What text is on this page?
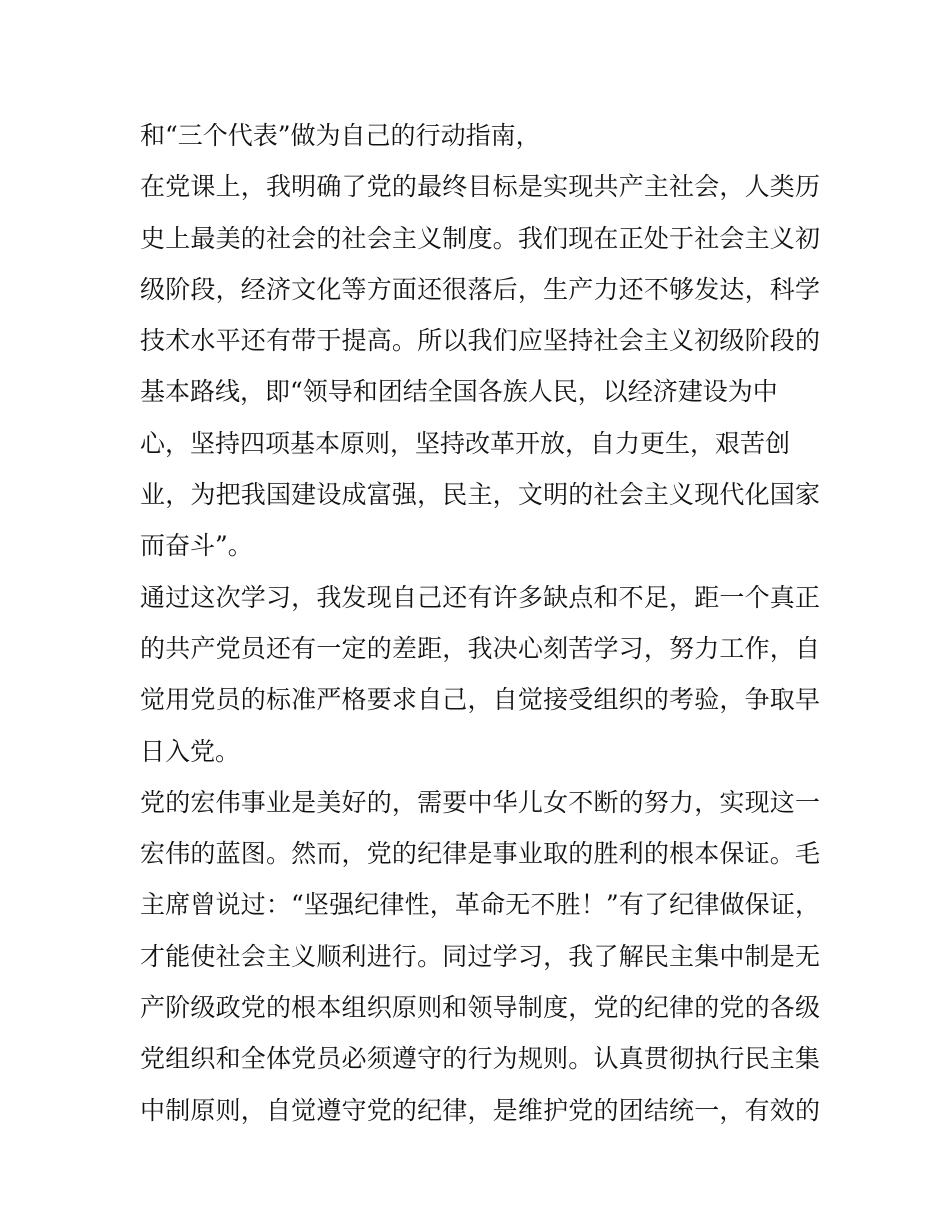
和“三个代表”做为自己的行动指南，
在党课上，我明确了党的最终目标是实现共产主社会，人类历
史上最美的社会的社会主义制度。我们现在正处于社会主义初
级阶段，经济文化等方面还很落后，生产力还不够发达，科学
技术水平还有带于提高。所以我们应坚持社会主义初级阶段的
基本路线，即“领导和团结全国各族人民，以经济建设为中
心，坚持四项基本原则，坚持改革开放，自力更生，艰苦创
业，为把我国建设成富强，民主，文明的社会主义现代化国家
而奋斗”。
通过这次学习，我发现自己还有许多缺点和不足，距一个真正
的共产党员还有一定的差距，我决心刻苦学习，努力工作，自
觉用党员的标准严格要求自己，自觉接受组织的考验，争取早
日入党。
党的宏伟事业是美好的，需要中华儿女不断的努力，实现这一
宏伟的蓝图。然而，党的纪律是事业取的胜利的根本保证。毛
主席曾说过：“坚强纪律性，革命无不胜！”有了纪律做保证，
才能使社会主义顺利进行。同过学习，我了解民主集中制是无
产阶级政党的根本组织原则和领导制度，党的纪律的党的各级
党组织和全体党员必须遵守的行为规则。认真贯彻执行民主集
中制原则，自觉遵守党的纪律，是维护党的团结统一，有效的
